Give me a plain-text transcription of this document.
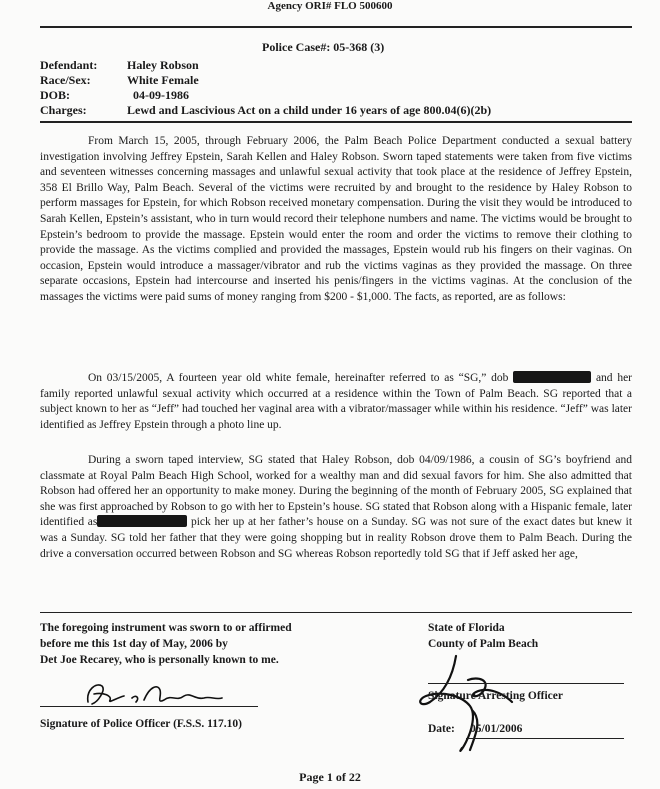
Agency ORI# FLO 500600
Police Case#: 05-368 (3)
Defendant:	Haley Robson
Race/Sex:	White Female
DOB:	04-09-1986
Charges:	Lewd and Lascivious Act on a child under 16 years of age 800.04(6)(2b)

From March 15, 2005, through February 2006, the Palm Beach Police Department conducted a sexual battery investigation involving Jeffrey Epstein, Sarah Kellen and Haley Robson. Sworn taped statements were taken from five victims and seventeen witnesses concerning massages and unlawful sexual activity that took place at the residence of Jeffrey Epstein, 358 El Brillo Way, Palm Beach. Several of the victims were recruited by and brought to the residence by Haley Robson to perform massages for Epstein, for which Robson received monetary compensation. During the visit they would be introduced to Sarah Kellen, Epstein’s assistant, who in turn would record their telephone numbers and name. The victims would be brought to Epstein’s bedroom to provide the massage. Epstein would enter the room and order the victims to remove their clothing to provide the massage. As the victims complied and provided the massages, Epstein would rub his fingers on their vaginas. On occasion, Epstein would introduce a massager/vibrator and rub the victims vaginas as they provided the massage. On three separate occasions, Epstein had intercourse and inserted his penis/fingers in the victims vaginas. At the conclusion of the massages the victims were paid sums of money ranging from $200 - $1,000. The facts, as reported, are as follows:

On 03/15/2005, A fourteen year old white female, hereinafter referred to as “SG,” dob	and her family reported unlawful sexual activity which occurred at a residence within the Town of Palm Beach. SG reported that a subject known to her as “Jeff” had touched her vaginal area with a vibrator/massager while within his residence. “Jeff” was later identified as Jeffrey Epstein through a photo line up.

During a sworn taped interview, SG stated that Haley Robson, dob 04/09/1986, a cousin of SG’s boyfriend and classmate at Royal Palm Beach High School, worked for a wealthy man and did sexual favors for him. She also admitted that Robson had offered her an opportunity to make money. During the beginning of the month of February 2005, SG explained that she was first approached by Robson to go with her to Epstein’s house. SG stated that Robson along with a Hispanic female, later identified as	pick her up at her father’s house on a Sunday. SG was not sure of the exact dates but knew it was a Sunday. SG told her father that they were going shopping but in reality Robson drove them to Palm Beach. During the drive a conversation occurred between Robson and SG whereas Robson reportedly told SG that if Jeff asked her age,

The foregoing instrument was sworn to or affirmed
before me this 1st day of May, 2006 by
Det Joe Recarey, who is personally known to me.
State of Florida
County of Palm Beach
Signature of Police Officer (F.S.S. 117.10)
Signature Arresting Officer
Date: 05/01/2006
Page 1 of 22
